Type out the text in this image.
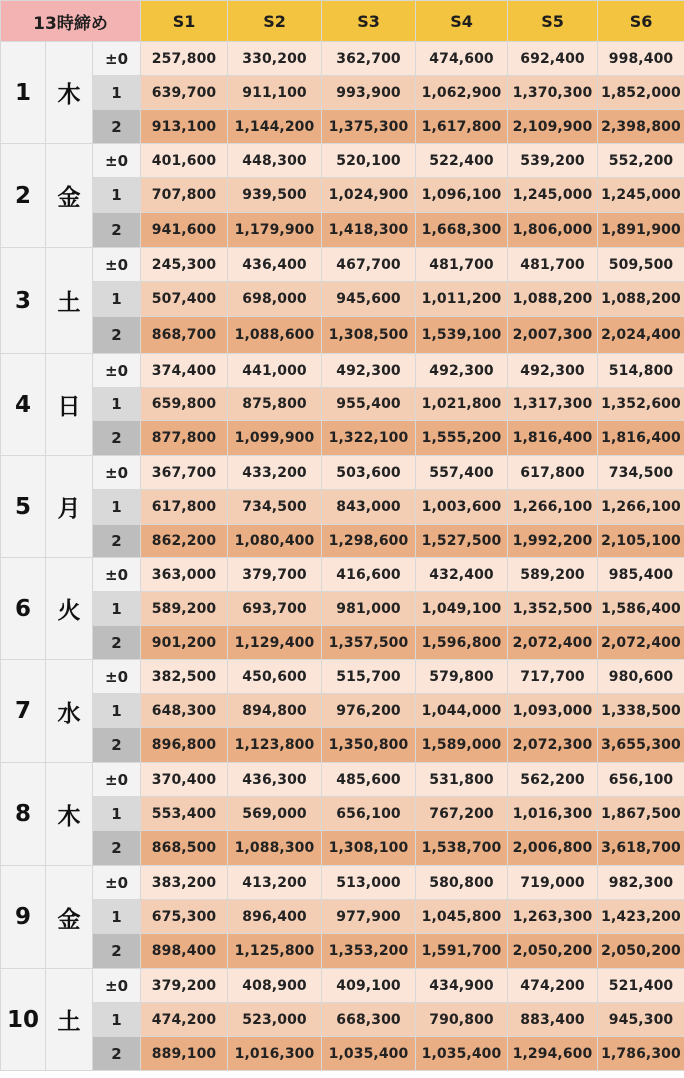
13時締め			S1	S2	S3	S4	S5	S6
1	木	±0	257,800	330,200	362,700	474,600	692,400	998,400
		1	639,700	911,100	993,900	1,062,900	1,370,300	1,852,000
		2	913,100	1,144,200	1,375,300	1,617,800	2,109,900	2,398,800
2	金	±0	401,600	448,300	520,100	522,400	539,200	552,200
		1	707,800	939,500	1,024,900	1,096,100	1,245,000	1,245,000
		2	941,600	1,179,900	1,418,300	1,668,300	1,806,000	1,891,900
3	土	±0	245,300	436,400	467,700	481,700	481,700	509,500
		1	507,400	698,000	945,600	1,011,200	1,088,200	1,088,200
		2	868,700	1,088,600	1,308,500	1,539,100	2,007,300	2,024,400
4	日	±0	374,400	441,000	492,300	492,300	492,300	514,800
		1	659,800	875,800	955,400	1,021,800	1,317,300	1,352,600
		2	877,800	1,099,900	1,322,100	1,555,200	1,816,400	1,816,400
5	月	±0	367,700	433,200	503,600	557,400	617,800	734,500
		1	617,800	734,500	843,000	1,003,600	1,266,100	1,266,100
		2	862,200	1,080,400	1,298,600	1,527,500	1,992,200	2,105,100
6	火	±0	363,000	379,700	416,600	432,400	589,200	985,400
		1	589,200	693,700	981,000	1,049,100	1,352,500	1,586,400
		2	901,200	1,129,400	1,357,500	1,596,800	2,072,400	2,072,400
7	水	±0	382,500	450,600	515,700	579,800	717,700	980,600
		1	648,300	894,800	976,200	1,044,000	1,093,000	1,338,500
		2	896,800	1,123,800	1,350,800	1,589,000	2,072,300	3,655,300
8	木	±0	370,400	436,300	485,600	531,800	562,200	656,100
		1	553,400	569,000	656,100	767,200	1,016,300	1,867,500
		2	868,500	1,088,300	1,308,100	1,538,700	2,006,800	3,618,700
9	金	±0	383,200	413,200	513,000	580,800	719,000	982,300
		1	675,300	896,400	977,900	1,045,800	1,263,300	1,423,200
		2	898,400	1,125,800	1,353,200	1,591,700	2,050,200	2,050,200
10	土	±0	379,200	408,900	409,100	434,900	474,200	521,400
		1	474,200	523,000	668,300	790,800	883,400	945,300
		2	889,100	1,016,300	1,035,400	1,035,400	1,294,600	1,786,300
